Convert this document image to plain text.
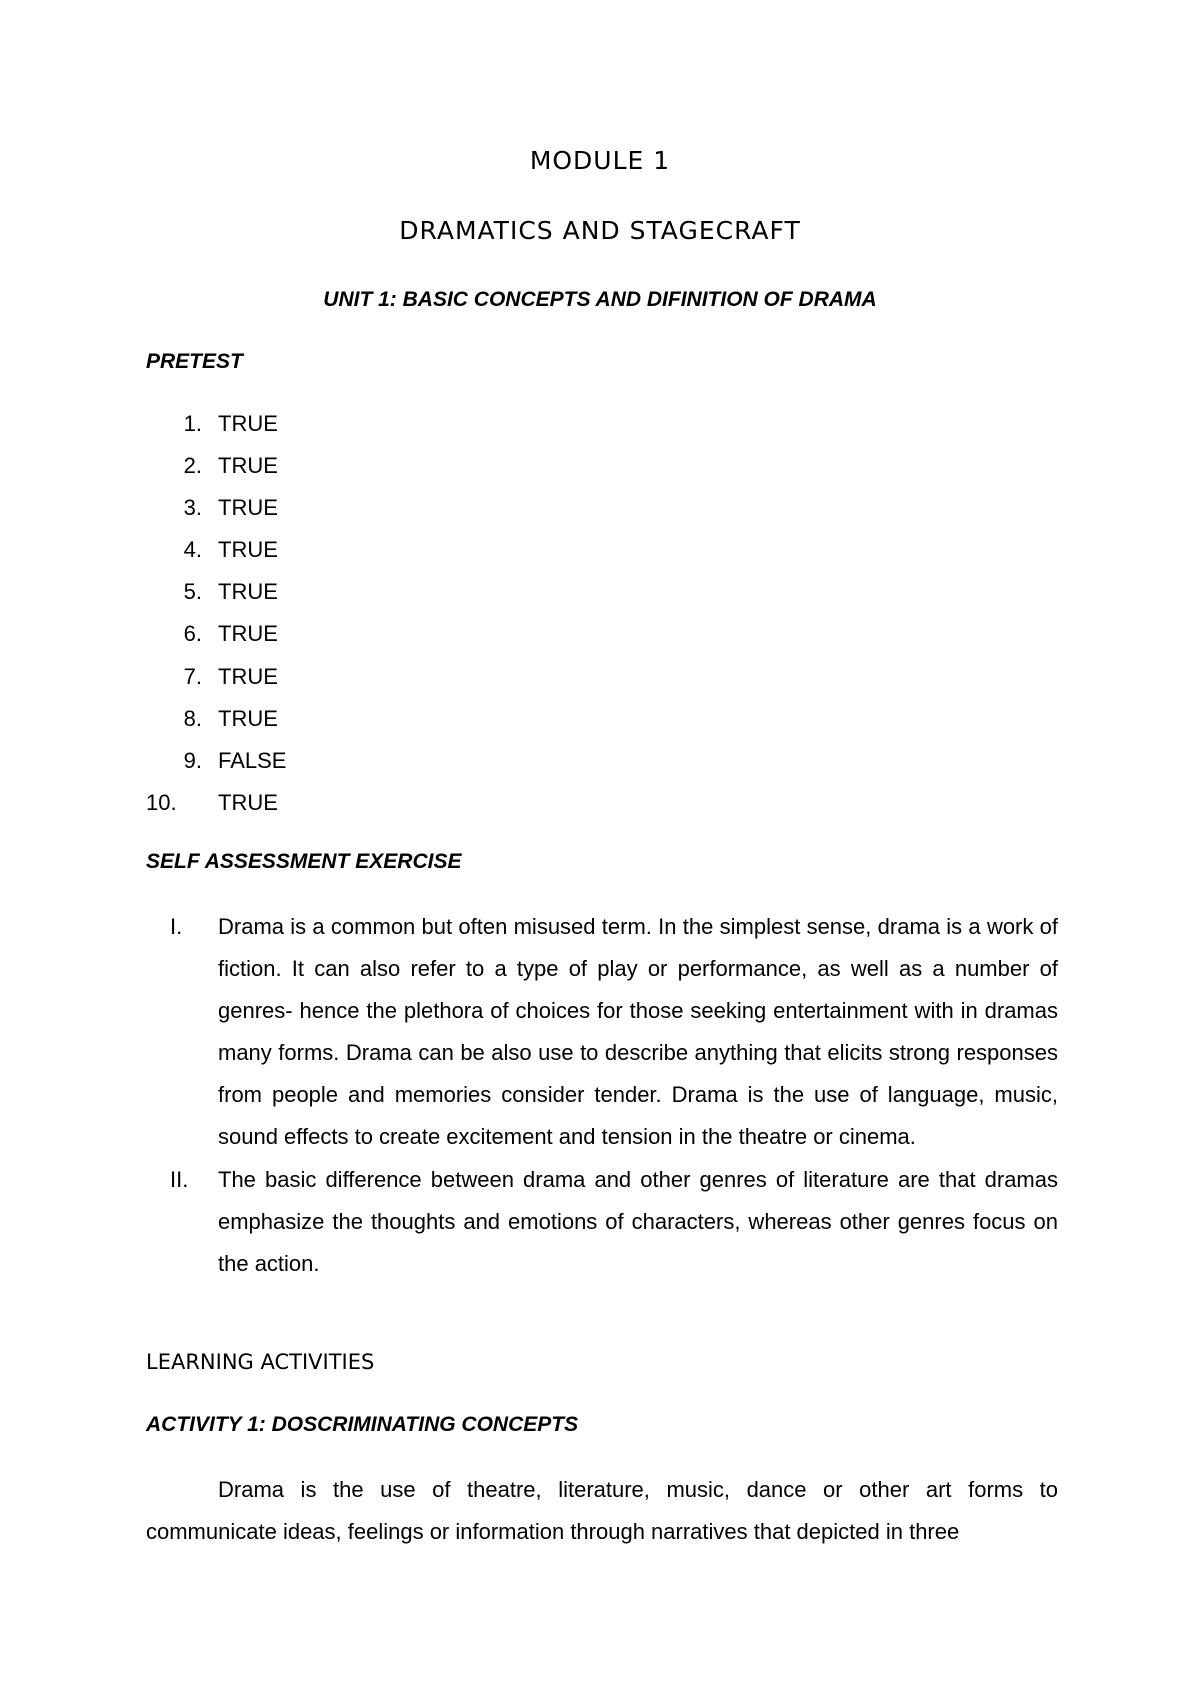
MODULE 1
DRAMATICS AND STAGECRAFT
UNIT 1: BASIC CONCEPTS AND DIFINITION OF DRAMA
PRETEST
1. TRUE
2. TRUE
3. TRUE
4. TRUE
5. TRUE
6. TRUE
7. TRUE
8. TRUE
9. FALSE
10. TRUE
SELF ASSESSMENT EXERCISE
I. Drama is a common but often misused term. In the simplest sense, drama is a work of fiction. It can also refer to a type of play or performance, as well as a number of genres- hence the plethora of choices for those seeking entertainment with in dramas many forms. Drama can be also use to describe anything that elicits strong responses from people and memories consider tender. Drama is the use of language, music, sound effects to create excitement and tension in the theatre or cinema.
II. The basic difference between drama and other genres of literature are that dramas emphasize the thoughts and emotions of characters, whereas other genres focus on the action.
LEARNING ACTIVITIES
ACTIVITY 1: DOSCRIMINATING CONCEPTS

Drama is the use of theatre, literature, music, dance or other art forms to communicate ideas, feelings or information through narratives that depicted in three
